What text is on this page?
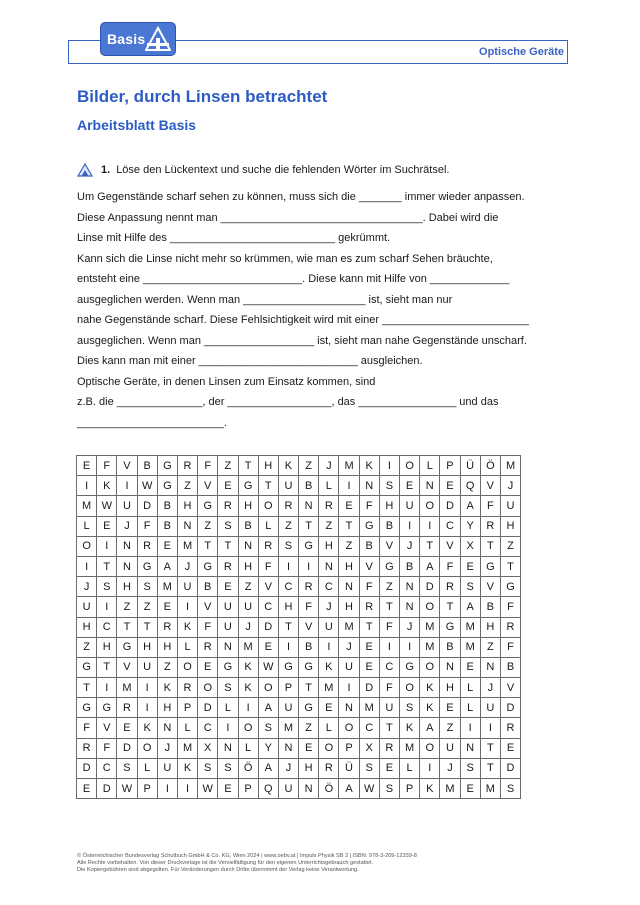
Basis
Optische Geräte
Bilder, durch Linsen betrachtet
Arbeitsblatt Basis
1. Löse den Lückentext und suche die fehlenden Wörter im Suchrätsel.
Um Gegenstände scharf sehen zu können, muss sich die _______ immer wieder anpassen.
Diese Anpassung nennt man _________________________________. Dabei wird die
Linse mit Hilfe des ___________________________ gekrümmt.
Kann sich die Linse nicht mehr so krümmen, wie man es zum scharf Sehen bräuchte,
entsteht eine __________________________. Diese kann mit Hilfe von _____________
ausgeglichen werden. Wenn man ____________________ ist, sieht man nur
nahe Gegenstände scharf. Diese Fehlsichtigkeit wird mit einer ________________________
ausgeglichen. Wenn man __________________ ist, sieht man nahe Gegenstände unscharf.
Dies kann man mit einer __________________________ ausgleichen.
Optische Geräte, in denen Linsen zum Einsatz kommen, sind
z.B. die ______________, der _________________, das ________________ und das
________________________.
E	F	V	B	G	R	F	Z	T	H	K	Z	J	M	K	I	O	L	P	Ü	Ö	M
I	K	I	W	G	Z	V	E	G	T	U	B	L	I	N	S	E	N	E	Q	V	J
M	W	U	D	B	H	G	R	H	O	R	N	R	E	F	H	U	O	D	A	F	U
L	E	J	F	B	N	Z	S	B	L	Z	T	Z	T	G	B	I	I	C	Y	R	H
O	I	N	R	E	M	T	T	N	R	S	G	H	Z	B	V	J	T	V	X	T	Z
I	T	N	G	A	J	G	R	H	F	I	I	N	H	V	G	B	A	F	E	G	T
J	S	H	S	M	U	B	E	Z	V	C	R	C	N	F	Z	N	D	R	S	V	G
U	I	Z	Z	E	I	V	U	U	C	H	F	J	H	R	T	N	O	T	A	B	F
H	C	T	T	R	K	F	U	J	D	T	V	U	M	T	F	J	M	G	M	H	R
Z	H	G	H	H	L	R	N	M	E	I	B	I	J	E	I	I	M	B	M	Z	F
G	T	V	U	Z	O	E	G	K	W	G	G	K	U	E	C	G	O	N	E	N	B
T	I	M	I	K	R	O	S	K	O	P	T	M	I	D	F	O	K	H	L	J	V
G	G	R	I	H	P	D	L	I	A	U	G	E	N	M	U	S	K	E	L	U	D
F	V	E	K	N	L	C	I	O	S	M	Z	L	O	C	T	K	A	Z	I	I	R
R	F	D	O	J	M	X	N	L	Y	N	E	O	P	X	R	M	O	U	N	T	E
D	C	S	L	U	K	S	S	Ö	A	J	H	R	Ü	S	E	L	I	J	S	T	D
E	D	W	P	I	I	W	E	P	Q	U	N	Ö	A	W	S	P	K	M	E	M	S
© Österreichischer Bundesverlag Schulbuch GmbH & Co. KG, Wien 2024 | www.oebv.at | Impuls Physik SB 2 | ISBN: 978-3-209-12339-8
Alle Rechte vorbehalten. Von dieser Druckvorlage ist die Vervielfältigung für den eigenen Unterrichtsgebrauch gestattet.
Die Kopiergebühren sind abgegolten. Für Veränderungen durch Dritte übernimmt der Verlag keine Verantwortung.
